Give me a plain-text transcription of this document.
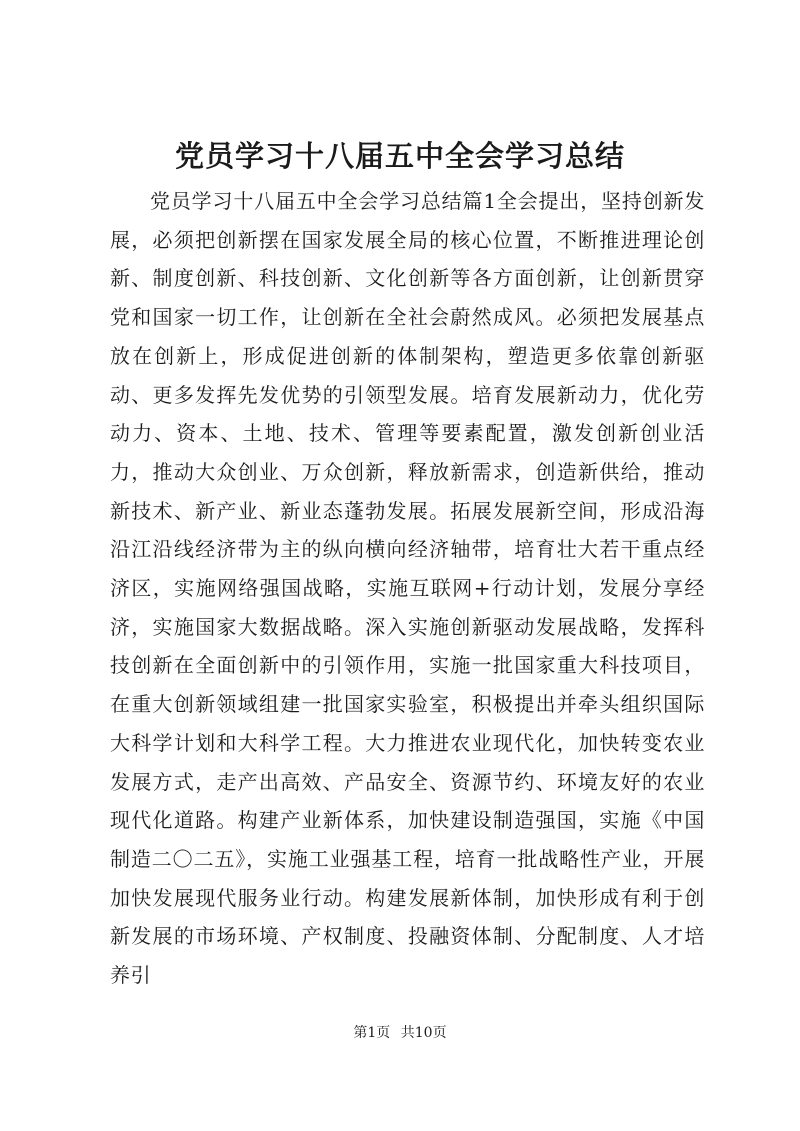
党员学习十八届五中全会学习总结

党员学习十八届五中全会学习总结篇1全会提出，坚持创新发展，必须把创新摆在国家发展全局的核心位置，不断推进理论创新、制度创新、科技创新、文化创新等各方面创新，让创新贯穿党和国家一切工作，让创新在全社会蔚然成风。必须把发展基点放在创新上，形成促进创新的体制架构，塑造更多依靠创新驱动、更多发挥先发优势的引领型发展。培育发展新动力，优化劳动力、资本、土地、技术、管理等要素配置，激发创新创业活力，推动大众创业、万众创新，释放新需求，创造新供给，推动新技术、新产业、新业态蓬勃发展。拓展发展新空间，形成沿海沿江沿线经济带为主的纵向横向经济轴带，培育壮大若干重点经济区，实施网络强国战略，实施互联网+行动计划，发展分享经济，实施国家大数据战略。深入实施创新驱动发展战略，发挥科技创新在全面创新中的引领作用，实施一批国家重大科技项目，在重大创新领域组建一批国家实验室，积极提出并牵头组织国际大科学计划和大科学工程。大力推进农业现代化，加快转变农业发展方式，走产出高效、产品安全、资源节约、环境友好的农业现代化道路。构建产业新体系，加快建设制造强国，实施《中国制造二〇二五》，实施工业强基工程，培育一批战略性产业，开展加快发展现代服务业行动。构建发展新体制，加快形成有利于创新发展的市场环境、产权制度、投融资体制、分配制度、人才培养引

第1页 共10页
